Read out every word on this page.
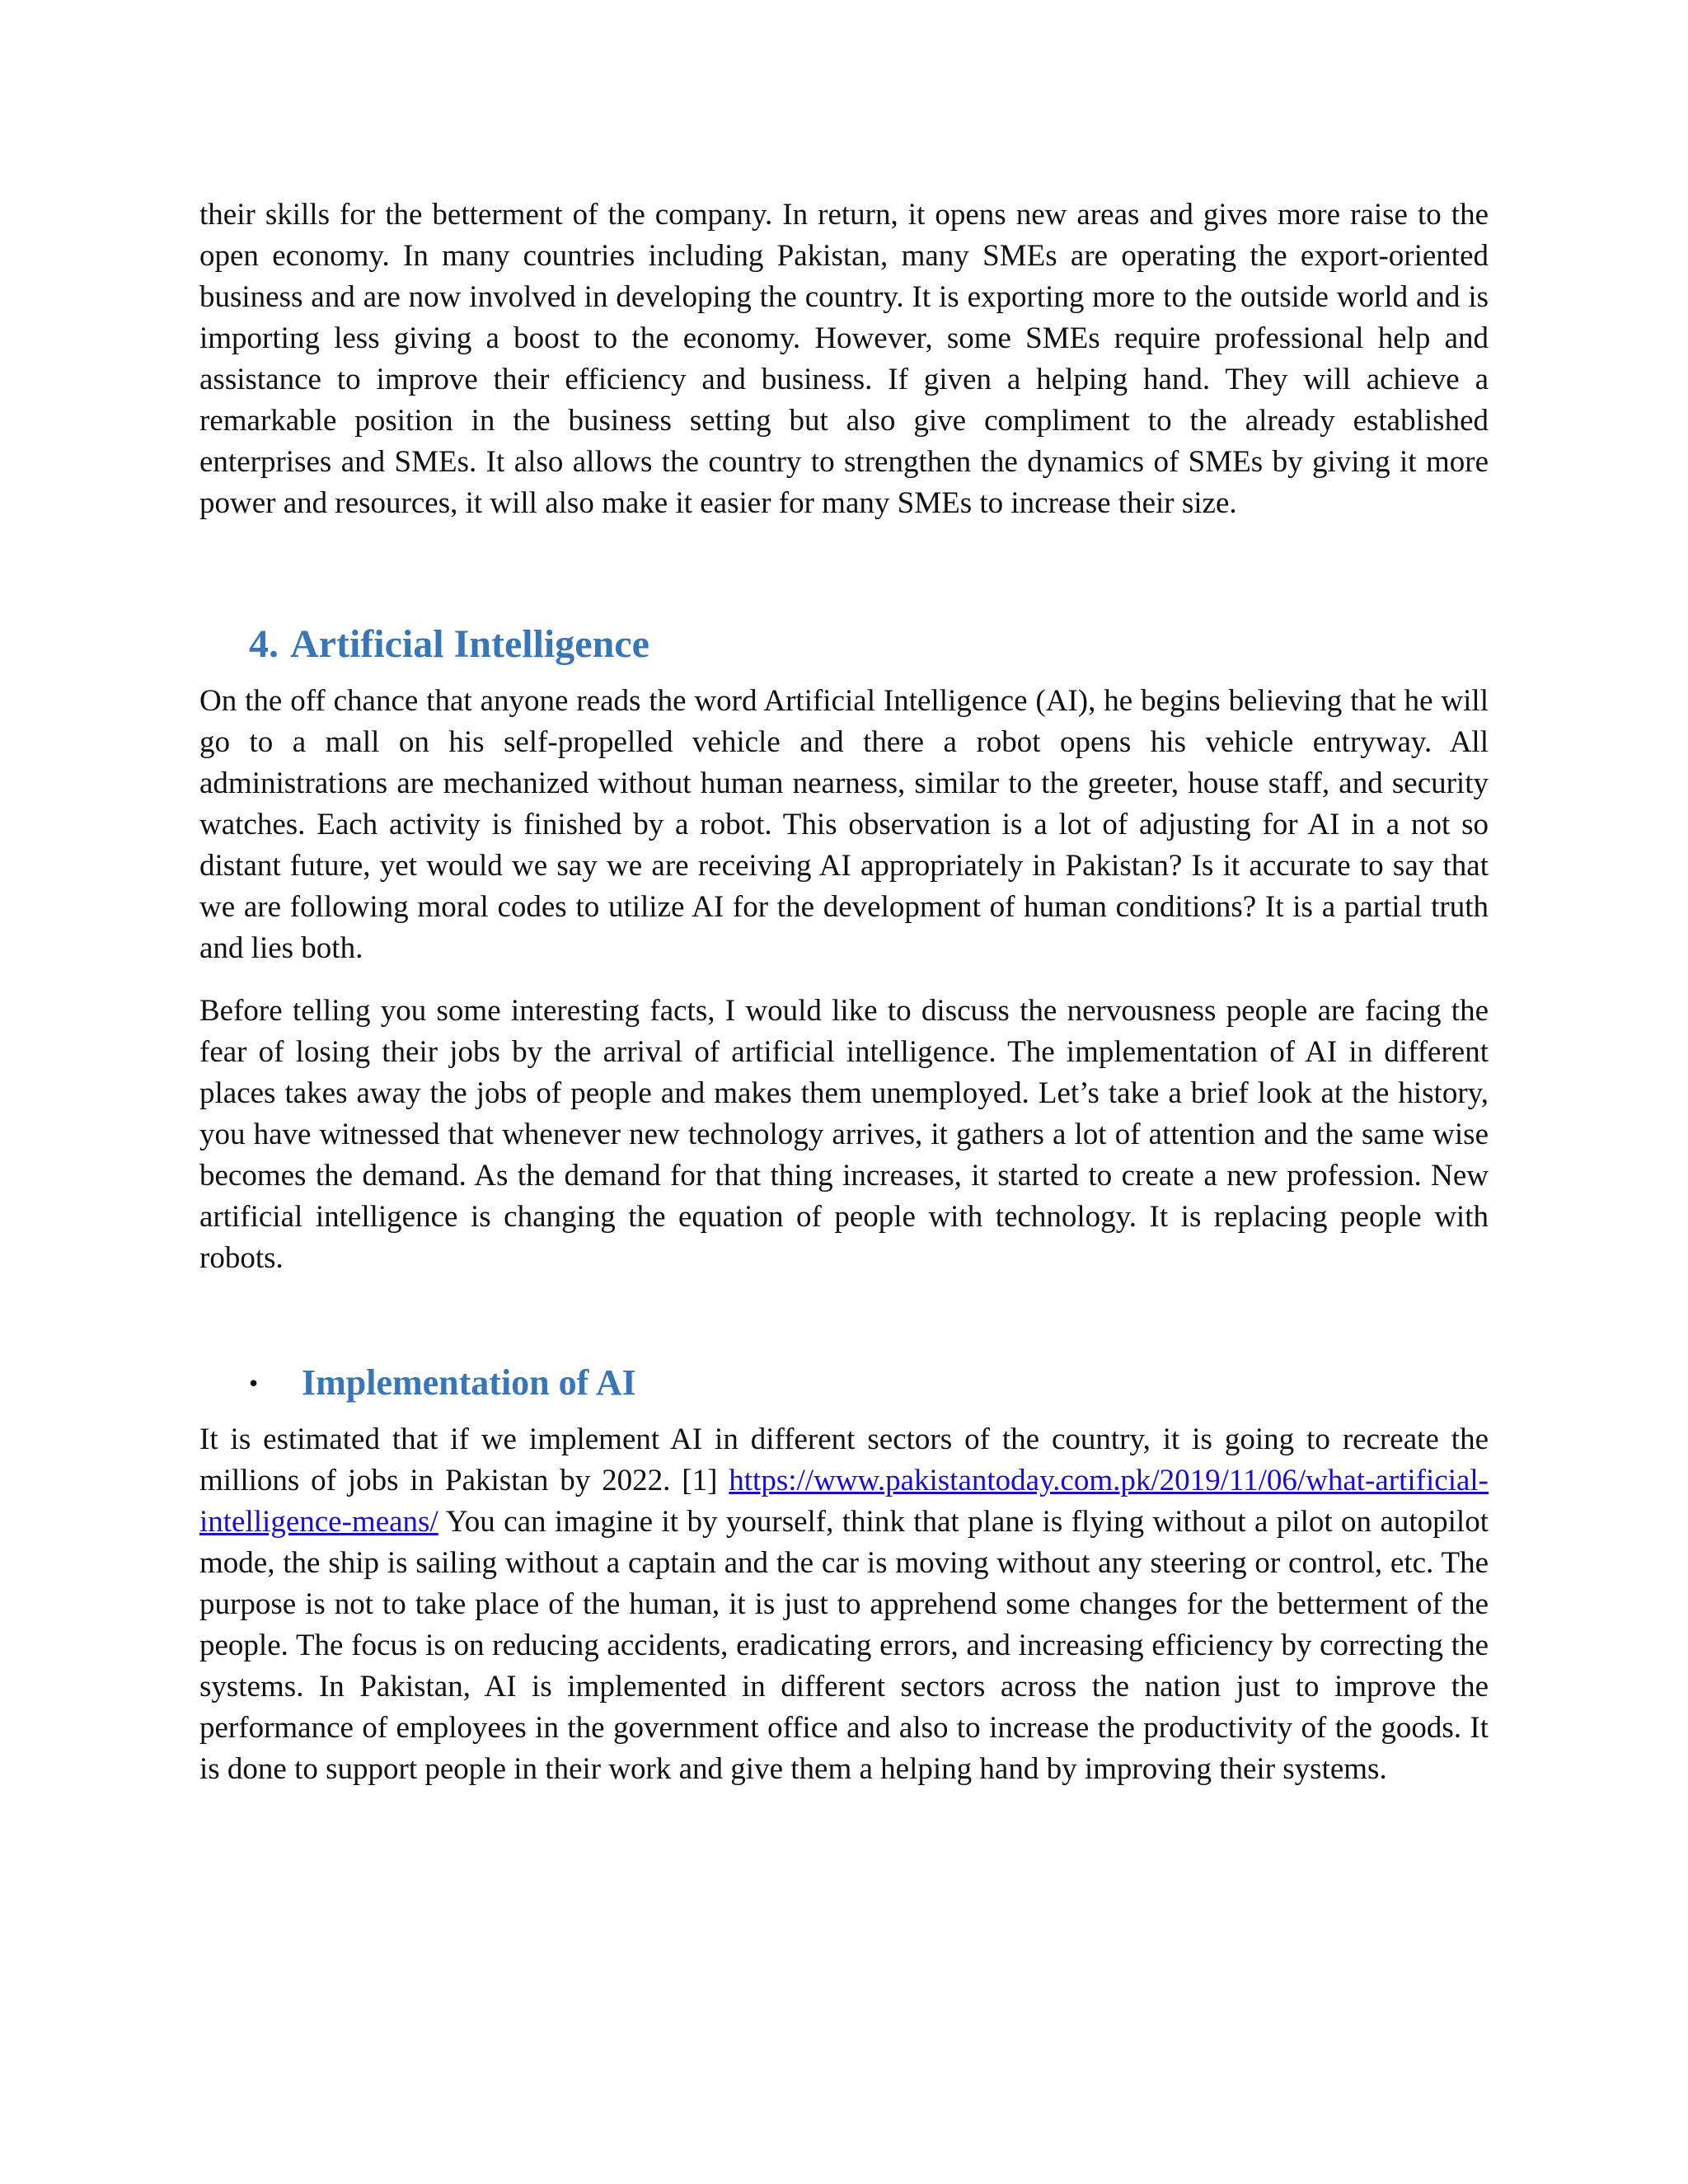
their skills for the betterment of the company. In return, it opens new areas and gives more raise to the open economy. In many countries including Pakistan, many SMEs are operating the export-oriented business and are now involved in developing the country. It is exporting more to the outside world and is importing less giving a boost to the economy. However, some SMEs require professional help and assistance to improve their efficiency and business. If given a helping hand. They will achieve a remarkable position in the business setting but also give compliment to the already established enterprises and SMEs. It also allows the country to strengthen the dynamics of SMEs by giving it more power and resources, it will also make it easier for many SMEs to increase their size.

4. Artificial Intelligence

On the off chance that anyone reads the word Artificial Intelligence (AI), he begins believing that he will go to a mall on his self-propelled vehicle and there a robot opens his vehicle entryway. All administrations are mechanized without human nearness, similar to the greeter, house staff, and security watches. Each activity is finished by a robot. This observation is a lot of adjusting for AI in a not so distant future, yet would we say we are receiving AI appropriately in Pakistan? Is it accurate to say that we are following moral codes to utilize AI for the development of human conditions? It is a partial truth and lies both.

Before telling you some interesting facts, I would like to discuss the nervousness people are facing the fear of losing their jobs by the arrival of artificial intelligence. The implementation of AI in different places takes away the jobs of people and makes them unemployed. Let’s take a brief look at the history, you have witnessed that whenever new technology arrives, it gathers a lot of attention and the same wise becomes the demand. As the demand for that thing increases, it started to create a new profession. New artificial intelligence is changing the equation of people with technology. It is replacing people with robots.

•	Implementation of AI

It is estimated that if we implement AI in different sectors of the country, it is going to recreate the millions of jobs in Pakistan by 2022. [1] https://www.pakistantoday.com.pk/2019/11/06/what-artificial-intelligence-means/ You can imagine it by yourself, think that plane is flying without a pilot on autopilot mode, the ship is sailing without a captain and the car is moving without any steering or control, etc. The purpose is not to take place of the human, it is just to apprehend some changes for the betterment of the people. The focus is on reducing accidents, eradicating errors, and increasing efficiency by correcting the systems. In Pakistan, AI is implemented in different sectors across the nation just to improve the performance of employees in the government office and also to increase the productivity of the goods. It is done to support people in their work and give them a helping hand by improving their systems.
